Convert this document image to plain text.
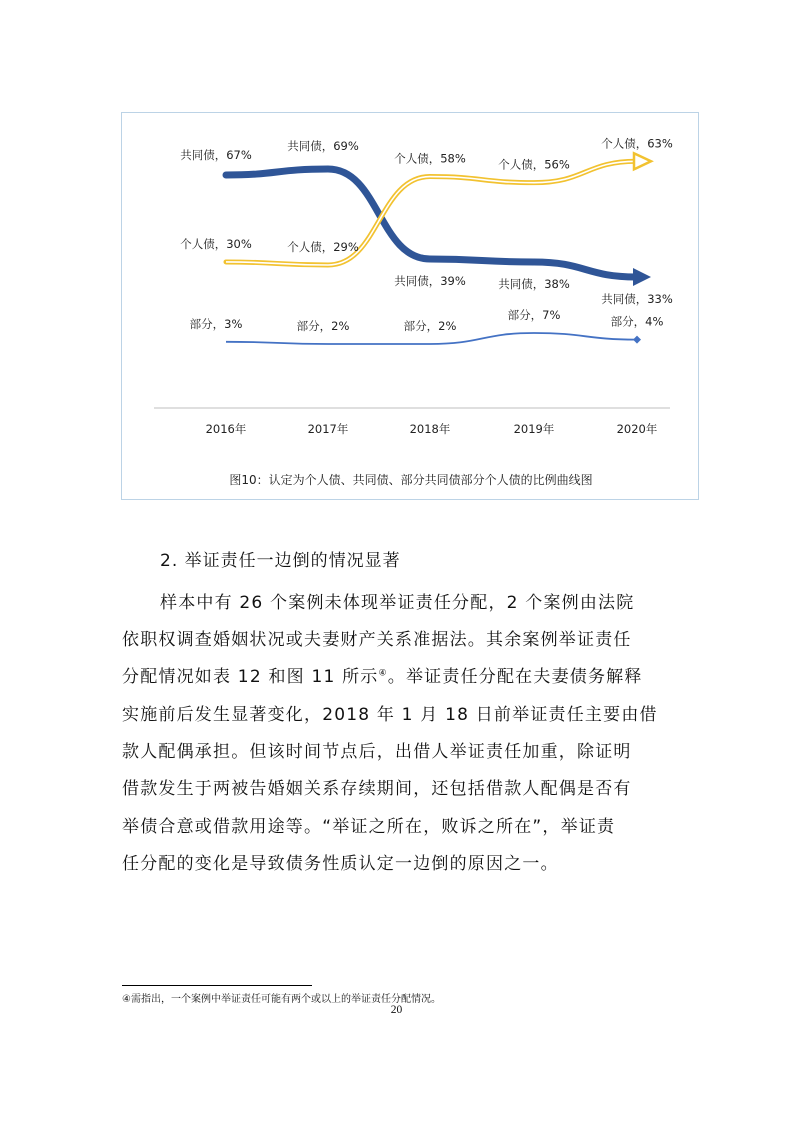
2016年	2017年	2018年	2019年	2020年
共同债，67%
共同债，69%
共同债，39%	共同债，38%
共同债，33%
个人债，30%	个人债，29%
个人债，58%	个人债，56%
个人债，63%
部分，3%	部分，2%	部分，2%
部分，7%	部分，4%
图10：认定为个人债、共同债、部分共同债部分个人债的比例曲线图
2. 举证责任一边倒的情况显著
样本中有 26 个案例未体现举证责任分配，2 个案例由法院
依职权调查婚姻状况或夫妻财产关系准据法。其余案例举证责任
分配情况如表 12 和图 11 所示④。举证责任分配在夫妻债务解释
实施前后发生显著变化，2018 年 1 月 18 日前举证责任主要由借
款人配偶承担。但该时间节点后，出借人举证责任加重，除证明
借款发生于两被告婚姻关系存续期间，还包括借款人配偶是否有
举债合意或借款用途等。“举证之所在，败诉之所在”，举证责
任分配的变化是导致债务性质认定一边倒的原因之一。
④需指出，一个案例中举证责任可能有两个或以上的举证责任分配情况。
20
